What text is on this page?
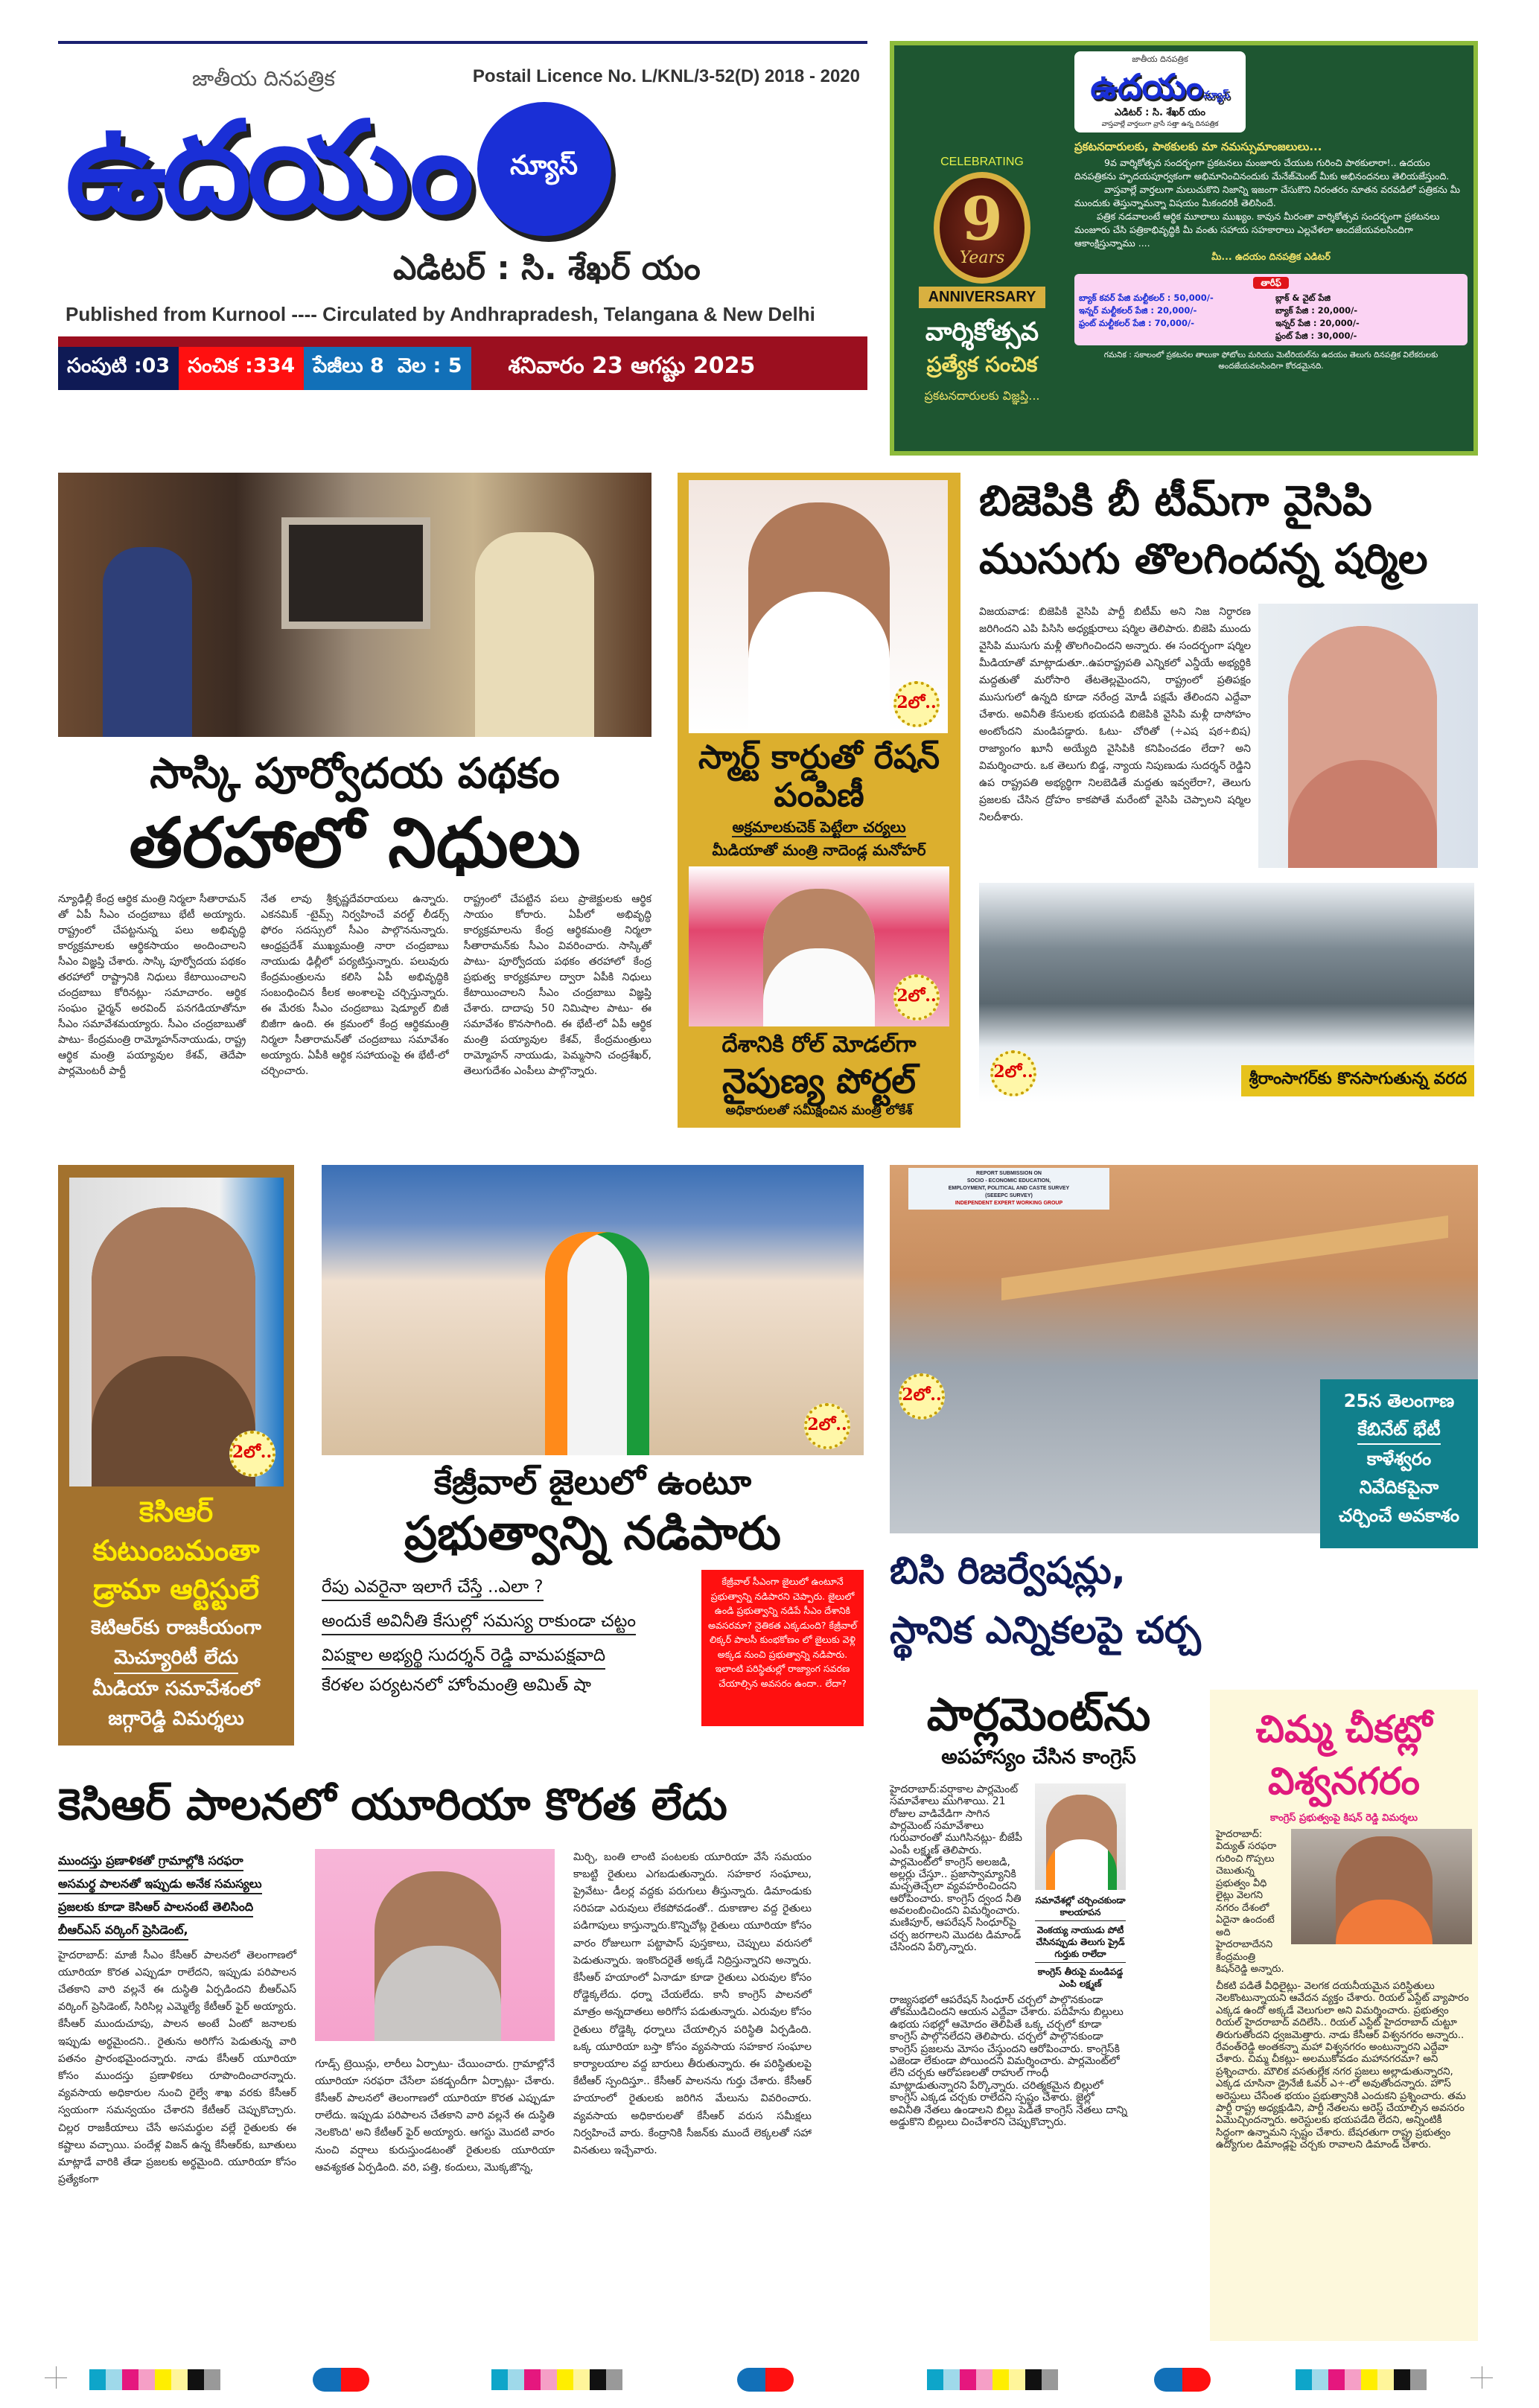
జాతీయ దినపత్రిక	Postail Licence No. L/KNL/3-52(D) 2018 - 2020
ఉదయం	న్యూస్
ఎడిటర్ : సి. శేఖర్ యం
Published from Kurnool ---- Circulated by Andhrapradesh, Telangana & New Delhi
సంపుటి :03 సంచిక :334 పేజీలు 8 వెల : 5	శనివారం 23 ఆగష్టు 2025
CELEBRATING
9
Years
ANNIVERSARY
వార్శికోత్సవ
ప్రత్యేక సంచిక
ప్రకటనదారులకు విజ్ఞప్తి...
జాతీయ దినపత్రిక
ఉదయంన్యూస్
ఎడిటర్ : సి. శేఖర్ యం
వాస్తవాల్లే వార్తలుగా వ్రాసే సత్తా ఉన్న దినపత్రిక
ప్రకటనదారులకు, పాఠకులకు మా నమస్సుమాంజలులు...
9వ వార్శికోత్సవ సందర్భంగా ప్రకటనలు మంజూరు చేయుట గురించి పాఠకులారా!.. ఉదయం దినపత్రికను హృదయపూర్వకంగా అభిమానించినందుకు మేనేజ్‌మెంట్ మీకు అభినందనలు తెలియజేస్తుంది.
వాస్తవాల్లే వార్తలుగా మలుచుకొని నిజాన్ని ఇజంగా చేసుకొని నిరంతరం నూతన వరవడిలో పత్రికను మీ ముందుకు తెస్తున్నామన్నా విషయం మీకందరికీ తెలిసిందే.
పత్రిక నడవాలంటే ఆర్థిక మూలాలు ముఖ్యం. కావున మీరంతా వార్శికోత్సవ సందర్భంగా ప్రకటనలు మంజూరు చేసి పత్రికాభివృద్ధికి మీ వంతు సహాయ సహకారాలు ఎల్లవేళలా అందజేయవలసిందిగా ఆకాంక్షిస్తున్నాము ....
మీ... ఉదయం దినపత్రిక ఎడిటర్
తారీఫ్
బ్యాక్ కవర్ పేజి మల్టీకలర్ : 50,000/-
ఇన్నర్ మల్టీకలర్ పేజి : 20,000/-
ఫ్రంట్ మల్టీకలర్ పేజి : 70,000/-
బ్లాక్ & వైట్ పేజి
బ్యాక్ పేజి : 20,000/-
ఇన్నర్ పేజి : 20,000/-
ఫ్రంట్ పేజి : 30,000/-
గమనిక : సకాలంలో ప్రకటనల తాలుకా ఫోటోలు మరియు మెటీరియల్‌ను ఉదయం తెలుగు దినపత్రిక విలేకరులకు అందజేయవలసిందిగా కోరడమైనది.
సాస్కి పూర్వోదయ పథకం
తరహాలో నిధులు

న్యూఢిల్లీ కేంద్ర ఆర్థిక మంత్రి నిర్మలా సీతారామన్ తో ఏపీ సీఎం చంద్రబాబు భేటీ అయ్యారు. రాష్ట్రంలో చేపట్టనున్న పలు అభివృద్ధి కార్యక్రమాలకు ఆర్థికసాయం అందించాలని సీఎం విజ్ఞప్తి చేశారు. సాస్కి పూర్వోదయ పథకం తరహాలో రాష్ట్రానికి నిధులు కేటాయించాలని చంద్రబాబు కోరినట్లు- సమాచారం. ఆర్థిక సంఘం ఛైర్మన్ అరవింద్ పనగడియాతోనూ సీఎం సమావేశమయ్యారు. సీఎం చంద్రబాబుతో పాటు- కేంద్రమంత్రి రామ్మోహన్‌నాయుడు, రాష్ట్ర ఆర్థిక మంత్రి పయ్యావుల కేశవ్, తెదేపా పార్లమెంటరీ పార్టీ

నేత లావు శ్రీకృష్ణదేవరాయలు ఉన్నారు. ఎకనమిక్ -టైమ్స్ నిర్వహించే వరల్డ్ లీడర్స్ ఫోరం సదస్సులో సీఎం పాల్గొననున్నారు. ఆంధ్రప్రదేశ్ ముఖ్యమంత్రి నారా చంద్రబాబు నాయుడు ఢిల్లీలో పర్యటిస్తున్నారు. పలువురు కేంద్రమంత్రులను కలిసి ఏపీ అభివృద్ధికి సంబంధించిన కీలక అంశాలపై చర్చిస్తున్నారు. ఈ మేరకు సీఎం చంద్రబాబు షెడ్యూల్ బిజీ బిజీగా ఉంది. ఈ క్రమంలో కేంద్ర ఆర్థికమంత్రి నిర్మలా సీతారామన్‌తో చంద్రబాబు సమావేశం అయ్యారు. ఏపీకి ఆర్థిక సహాయంపై ఈ భేటీ-లో చర్చించారు.

రాష్ట్రంలో చేపట్టిన పలు ప్రాజెక్టులకు ఆర్థిక సాయం కోరారు. ఏపీలో అభివృద్ధి కార్యక్రమాలను కేంద్ర ఆర్థికమంత్రి నిర్మలా సీతారామన్‌కు సీఎం వివరించారు. సాస్కితో పాటు- పూర్వోదయ పథకం తరహాలో కేంద్ర ప్రభుత్వ కార్యక్రమాల ద్వారా ఏపీకి నిధులు కేటాయించాలని సీఎం చంద్రబాబు విజ్ఞప్తి చేశారు. దాదాపు 50 నిమిషాల పాటు- ఈ సమావేశం కొనసాగింది. ఈ భేటీ-లో ఏపీ ఆర్థిక మంత్రి పయ్యావుల కేశవ్, కేంద్రమంత్రులు రామ్మోహన్ నాయుడు, పెమ్మసాని చంద్రశేఖర్, తెలుగుదేశం ఎంపీలు పాల్గొన్నారు.

2లో..
స్మార్ట్ కార్డుతో రేషన్ పంపిణీ
అక్రమాలకుచెక్ పెట్టేలా చర్యలు
మీడియాతో మంత్రి నాదెండ్ల మనోహర్
2లో..
దేశానికి రోల్ మోడల్‌గా
నైపుణ్య పోర్టల్
అధికారులతో సమీక్షించిన మంత్రి లోకేశ్
బిజెపికి బీ టీమ్‌గా వైసిపి
ముసుగు తొలగిందన్న షర్మిల

విజయవాడ: బిజెపికి వైసిపి పార్టీ బిటీమ్ అని నిజ నిర్ధారణ జరిగిందని ఎపి పిసిసి అధ్యక్షురాలు షర్మిల తెలిపారు. బిజెపి ముందు వైసిపి ముసుగు మళ్లీ తొలగించిందని అన్నారు. ఈ సందర్భంగా షర్మిల మీడియాతో మాట్లాడుతూ..ఉపరాష్ట్రపతి ఎన్నికలో ఎన్డీయే అభ్యర్థికి మద్దతుతో మరోసారి తేటతెల్లమైందని, రాష్ట్రంలో ప్రతిపక్షం ముసుగులో ఉన్నది కూడా నరేంద్ర మోడీ పక్షమే తేలిందని ఎద్దేవా చేశారు. అవినీతి కేసులకు భయపడి బిజెపికి వైసిపి మళ్లీ దాసోహం అంటోందని మండిపడ్డారు. ఓటు- చోరితో (÷ఎష షఠ÷బిష) రాజ్యాంగం ఖూనీ అయ్యేది వైసిపికి కనిపించడం లేదా? అని విమర్శించారు. ఒక తెలుగు బిడ్డ, న్యాయ నిపుణుడు సుదర్శన్ రెడ్డిని ఉప రాష్ట్రపతి అభ్యర్థిగా నిలబెడితే మద్దతు ఇవ్వలేరా?, తెలుగు ప్రజలకు చేసిన ద్రోహం కాకపోతే మరేంటో వైసిపి చెప్పాలని షర్మిల నిలదీశారు.

2లో..	శ్రీరాంసాగర్‌కు కొనసాగుతున్న వరద
2లో..
కెసిఆర్
కుటుంబమంతా
డ్రామా ఆర్టిస్టులే
కెటిఆర్‌కు రాజకీయంగా
మెచ్యూరిటీ లేదు
మీడియా సమావేశంలో
జగ్గారెడ్డి విమర్శలు
2లో..
కేజ్రీవాల్ జైలులో ఉంటూ
ప్రభుత్వాన్ని నడిపారు
రేపు ఎవరైనా ఇలాగే చేస్తే ..ఎలా ?
అందుకే అవినీతి కేసుల్లో సమస్య రాకుండా చట్టం
విపక్షాల అభ్యర్థి సుదర్శన్ రెడ్డి వామపక్షవాది
కేరళల పర్యటనలో హోంమంత్రి అమిత్ షా
కేజ్రీవాల్ సీఎంగా జైలులో ఉంటూనే ప్రభుత్వాన్ని నడిపారని చెప్పారు. జైలులో ఉండి ప్రభుత్వాన్ని నడిపే సీఎం దేశానికి అవసరమా? నైతికత ఎక్కడుంది? కేజ్రీవాల్ లిక్కర్ పాలసీ కుంభకోణం లో జైలుకు వెళ్లి అక్కడ నుంచి ప్రభుత్వాన్ని నడిపారు. ఇలాంటి పరిస్థితుల్లో రాజ్యాంగ సవరణ చేయాల్సిన అవసరం ఉందా.. లేదా?
కెసిఆర్ పాలనలో యూరియా కొరత లేదు
ముందస్తు ప్రణాళికతో గ్రామాల్లోకి సరఫరా
అసమర్థ పాలనతో ఇప్పుడు అనేక సమస్యలు
ప్రజలకు కూడా కెసిఆర్ పాలనంటే తెలిసింది
బీఆర్ఎస్ వర్కింగ్ ప్రెసిడెంట్,

హైదరాబాద్: మాజీ సీఎం కేసీఆర్ పాలనలో తెలంగాణలో యూరియా కొరత ఎప్పుడూ రాలేదని, ఇప్పుడు పరిపాలన చేతకాని వారి వల్లనే ఈ దుస్థితి ఏర్పడిందని బీఆర్ఎస్ వర్కింగ్ ప్రెసిడెంట్, సిరిసిల్ల ఎమ్మెల్యే కేటీఆర్ ఫైర్ అయ్యారు. కేసీఆర్ ముందుచూపు, పాలన అంటే ఏంటో జనాలకు ఇప్పుడు అర్థమైందని.. రైతును అరిగోస పెడుతున్న వారి పతనం ప్రారంభమైందన్నారు. నాడు కేసీఆర్ యూరియా కోసం ముందస్తు ప్రణాళికలు రూపొందించారన్నారు. వ్యవసాయ అధికారుల నుంచి రైల్వే శాఖ వరకు కేసీఆర్ స్వయంగా సమన్వయం చేశారని కేటీఆర్ చెప్పుకొచ్చారు. చిల్లర రాజకీయాలు చేసే అసమర్థుల వల్లే రైతులకు ఈ కష్టాలు వచ్చాయి. పందేళ్ల విజన్ ఉన్న కేసీఆర్‌కు, బూతులు మాట్లాడే వారికి తేడా ప్రజలకు అర్థమైంది. యూరియా కోసం ప్రత్యేకంగా

గూడ్స్ ట్రెయిన్లు, లారీలు ఏర్పాటు- చేయించారు. గ్రామాల్లోనే యూరియా సరఫరా చేసేలా పకడ్బందీగా ఏర్పాట్లు- చేశారు. కేసీఆర్ పాలనలో తెలంగాణలో యూరియా కొరత ఎప్పుడూ రాలేదు. ఇప్పుడు పరిపాలన చేతకాని వారి వల్లనే ఈ దుస్థితి నెలకొంది' అని కేటీఆర్ ఫైర్ అయ్యారు. ఆగస్టు మొదటి వారం నుంచి వర్షాలు కురుస్తుండటంతో రైతులకు యూరియా ఆవశ్యకత ఏర్పడింది. వరి, పత్తి, కందులు, మొక్కజొన్న,

మిర్చి, బంతి లాంటి పంటలకు యూరియా వేసే సమయం కాబట్టి రైతులు ఎగబడుతున్నారు. సహకార సంఘాలు, ప్రైవేటు- డీలర్ల వద్దకు పరుగులు తీస్తున్నారు. డిమాండుకు సరిపడా ఎరువులు లేకపోవడంతో.. దుకాణాల వద్ద రైతులు పడిగాపులు కాస్తున్నారు.కొన్నిచోట్ల రైతులు యూరియా కోసం వారం రోజులుగా పట్టాపాస్ పుస్తకాలు, చెప్పులు వరుసలో పెడుతున్నారు. ఇంకొందరైతే అక్కడే నిద్రిస్తున్నారని అన్నారు. కేసీఆర్ హయాంలో ఏనాడూ కూడా రైతులు ఎరువుల కోసం రోడ్డెక్కలేదు. ధర్నా చేయలేదు. కానీ కాంగ్రెస్ పాలనలో మాత్రం అన్నదాతలు అరిగోస పడుతున్నారు. ఎరువుల కోసం రైతులు రోడ్డెక్కి ధర్నాలు చేయాల్సిన పరిస్థితి ఏర్పడింది. ఒక్క యూరియా బస్తా కోసం వ్యవసాయ సహకార సంఘాల కార్యాలయాల వద్ద బారులు తీరుతున్నారు. ఈ పరిస్థితులపై కేటీఆర్ స్పందిస్తూ.. కేసీఆర్ పాలనను గుర్తు చేశారు. కేసీఆర్ హయాంలో రైతులకు జరిగిన మేలును వివరించారు. వ్యవసాయ అధికారులతో కేసీఆర్ వరుస సమీక్షలు నిర్వహించే వారు. కేంద్రానికి సీజన్‌కు ముందే లెక్కలతో సహా వినతులు ఇచ్చేవారు.

REPORT SUBMISSION ON
SOCIO - ECONOMIC EDUCATION,
EMPLOYMENT, POLITICAL AND CASTE SURVEY
(SEEEPC SURVEY)
INDEPENDENT EXPERT WORKING GROUP
2లో..
బిసి రిజర్వేషన్లు,
స్థానిక ఎన్నికలపై చర్చ
25న తెలంగాణ
కేబినేట్ భేటీ
కాళేశ్వరం
నివేదికపైనా
చర్చించే అవకాశం
పార్లమెంట్‌ను
అపహాస్యం చేసిన కాంగ్రెస్

హైదరాబాద్:వర్షాకాల పార్లమెంట్ సమావేశాలు ముగిశాయి. 21 రోజుల వాడివేడిగా సాగిన పార్లమెంట్ సమావేశాలు గురువారంతో ముగిసినట్లు- బీజేపీ ఎంపీ లక్ష్మణ్ తెలిపారు. పార్లమెంట్‌లో కాంగ్రెస్ అలజడి, అల్లర్లు చేస్తూ.. ప్రజాస్వామ్యానికి మచ్చతెచ్చేలా వ్యవహరించిందని ఆరోపించారు. కాంగ్రెస్ ద్వంద నీతి అవలంబించిందని విమర్శించారు. మణిపూర్, ఆపరేషన్ సింధూర్‌పై చర్చ జరగాలని మొదట డిమాండ్ చేసిందని పేర్కొన్నారు.

సమావేశల్లో చర్చించకుండా కాలయాపన
వెంకయ్య నాయుడు పోటీ చేసినప్పుడు తెలుగు ప్రైడ్ గుర్తుకు రాలేదా
కాంగ్రెస్ తీరుపై మండిపడ్డ ఎంపి లక్ష్మణ్

రాజ్యసభలో ఆపరేషన్ సింధూర్ చర్చలో పాల్గొనకుండా తోకముడిచిందని ఆయన ఎద్దేవా చేశారు. పదిహేను బిల్లులు ఉభయ సభల్లో ఆమోదం తెలిపితే ఒక్క చర్చలో కూడా కాంగ్రెస్ పాల్గొనలేదని తెలిపారు. చర్చలో పాల్గొనకుండా కాంగ్రెస్ ప్రజలను మోసం చేస్తుందని ఆరోపించారు. కాంగ్రెస్‌కి ఎజెండా లేకుండా పోయిందని విమర్శించారు. పార్లమెంట్‌లో లేని చర్చకు ఆరోపణలతో రాహుల్ గాంధీ మాట్లాడుతున్నారని పేర్కొన్నారు. చరిత్మకమైన బిల్లులో కాంగ్రెస్ ఎక్కడ చర్చకు రాలేదని స్పష్టం చేశారు. జైల్లో అవినీతి నేతలు ఉండాలని బిల్లు పెడితే కాంగ్రెస్ నేతలు దాన్ని అడ్డుకొని బిల్లులు చించేశారని చెప్పుకొచ్చారు.

చిమ్మ చీకట్లో
విశ్వనగరం
కాంగ్రెస్ ప్రభుత్వంపై కిషన్ రెడ్డి విమర్శలు

హైదరాబాద్: విద్యుత్ సరఫరా గురించి గొప్పలు చెబుతున్న ప్రభుత్వం వీధి లైట్లు వెలగని నగరం దేశంలో ఏదైనా ఉందంటే అది హైదరాబాదేనని కేంద్రమంత్రి కిషన్‌రెడ్డి అన్నారు.

చీకటి పడితే వీధిలైట్లు- వెలగక దయనీయమైన పరిస్థితులు నెలకొంటున్నాయని ఆవేదన వ్యక్తం చేశారు. రియల్ ఎస్టేట్ వ్యాపారం ఎక్కడ ఉందో అక్కడే వెలుగులా అని విమర్శించారు. ప్రభుత్వం రియల్ హైదరాబాద్ వదిలేసి.. రియల్ ఎస్టేట్ హైదరాబాద్ చుట్టూ తిరుగుతోందని ధ్వజమెత్తారు. నాడు కేసీఆర్ విశ్వనగరం అన్నారు.. రేవంత్‌రెడ్డి అంతకన్నా మహా విశ్వనగరం అంటున్నారని ఎద్దేవా చేశారు. చిమ్మ చీకట్లు- అలముకోవడం మహానగరమా? అని ప్రశ్నించారు. మౌలిక వసతుల్లేక నగర ప్రజలు అల్లాడుతున్నారని, ఎక్కడ చూసినా డ్రైనేజీ ఓవర్ ఎ÷-లో అవుతోందన్నారు. హౌస్ అరెస్టులు చేసేంత భయం ప్రభుత్వానికి ఎందుకని ప్రశ్నించారు. తమ పార్టీ రాష్ట్ర అధ్యక్షుడిని, పార్టీ నేతలను అరెస్ట్ చేయాల్సిన అవసరం ఏమొచ్చిందన్నారు. అరెస్టులకు భయపడేది లేదని, అన్నింటికీ సిద్ధంగా ఉన్నామని స్పష్టం చేశారు. బేషరతుగా రాష్ట్ర ప్రభుత్వం ఉద్యోగుల డిమాండ్లపై చర్చకు రావాలని డిమాండ్ చేశారు.
